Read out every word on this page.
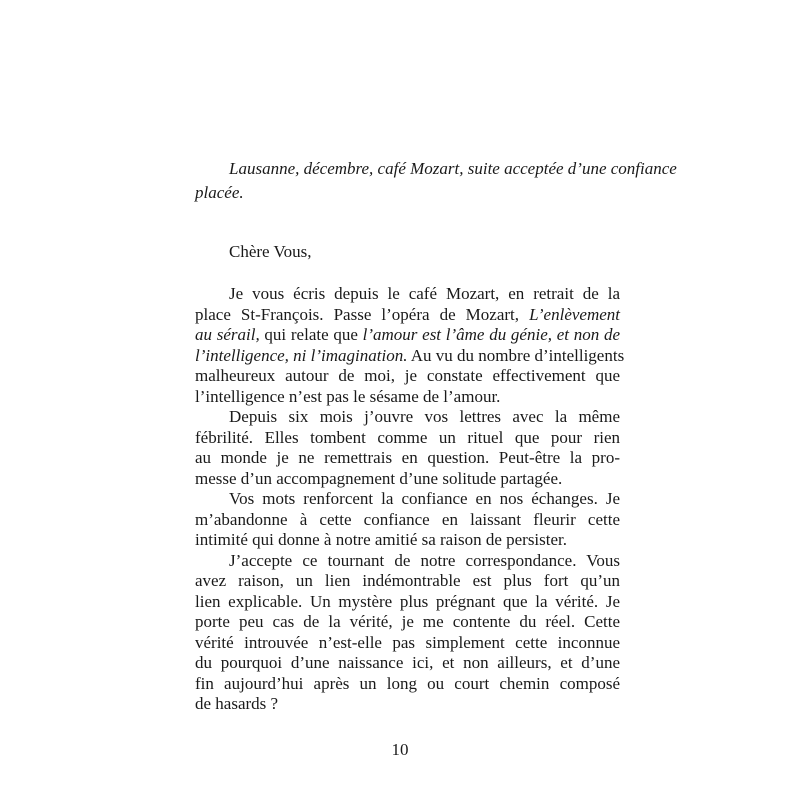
Lausanne, décembre, café Mozart, suite acceptée d’une confiance
placée.
Chère Vous,
Je vous écris depuis le café Mozart, en retrait de la
place St-François. Passe l’opéra de Mozart, L’enlèvement
au sérail, qui relate que l’amour est l’âme du génie, et non de
l’intelligence, ni l’imagination. Au vu du nombre d’intelligents
malheureux autour de moi, je constate effectivement que
l’intelligence n’est pas le sésame de l’amour.
Depuis six mois j’ouvre vos lettres avec la même
fébrilité. Elles tombent comme un rituel que pour rien
au monde je ne remettrais en question. Peut-être la pro-
messe d’un accompagnement d’une solitude partagée.
Vos mots renforcent la confiance en nos échanges. Je
m’abandonne à cette confiance en laissant fleurir cette
intimité qui donne à notre amitié sa raison de persister.
J’accepte ce tournant de notre correspondance. Vous
avez raison, un lien indémontrable est plus fort qu’un
lien explicable. Un mystère plus prégnant que la vérité. Je
porte peu cas de la vérité, je me contente du réel. Cette
vérité introuvée n’est-elle pas simplement cette inconnue
du pourquoi d’une naissance ici, et non ailleurs, et d’une
fin aujourd’hui après un long ou court chemin composé
de hasards ?
10
